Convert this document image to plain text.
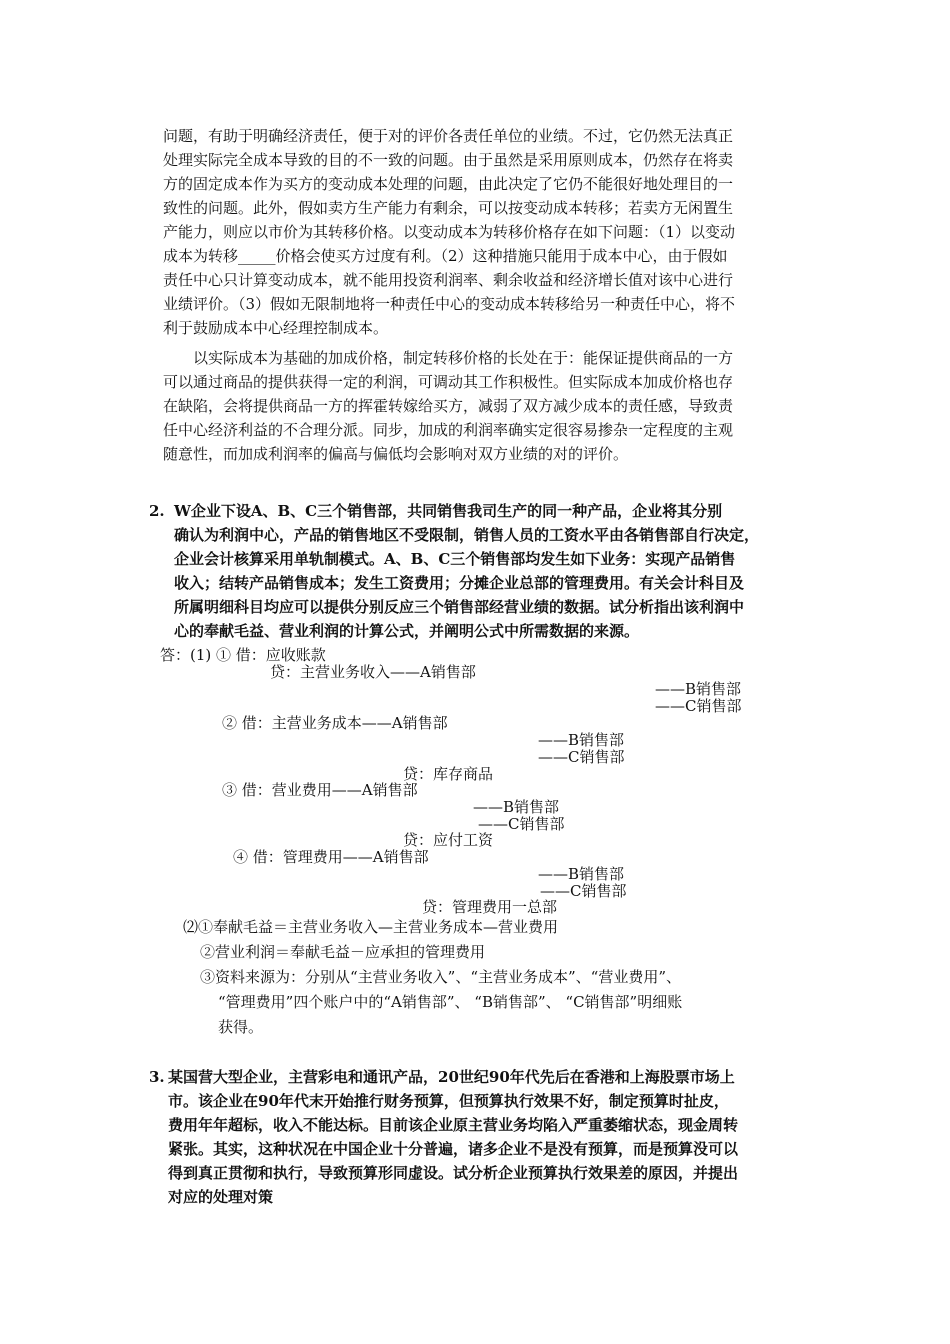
问题，有助于明确经济责任，便于对的评价各责任单位的业绩。不过，它仍然无法真正

处理实际完全成本导致的目的不一致的问题。由于虽然是采用原则成本，仍然存在将卖

方的固定成本作为买方的变动成本处理的问题，由此决定了它仍不能很好地处理目的一

致性的问题。此外，假如卖方生产能力有剩余，可以按变动成本转移；若卖方无闲置生

产能力，则应以市价为其转移价格。以变动成本为转移价格存在如下问题：（1）以变动

成本为转移_____价格会使买方过度有利。（2）这种措施只能用于成本中心，由于假如

责任中心只计算变动成本，就不能用投资利润率、剩余收益和经济增长值对该中心进行

业绩评价。（3）假如无限制地将一种责任中心的变动成本转移给另一种责任中心，将不

利于鼓励成本中心经理控制成本。

　　以实际成本为基础的加成价格，制定转移价格的长处在于：能保证提供商品的一方

可以通过商品的提供获得一定的利润，可调动其工作积极性。但实际成本加成价格也存

在缺陷，会将提供商品一方的挥霍转嫁给买方，减弱了双方减少成本的责任感，导致责

任中心经济利益的不合理分派。同步，加成的利润率确实定很容易掺杂一定程度的主观

随意性，而加成利润率的偏高与偏低均会影响对双方业绩的对的评价。

2. W企业下设A、B、C三个销售部，共同销售我司生产的同一种产品，企业将其分别

确认为利润中心，产品的销售地区不受限制，销售人员的工资水平由各销售部自行决定，

企业会计核算采用单轨制模式。A、B、C三个销售部均发生如下业务：实现产品销售

收入；结转产品销售成本；发生工资费用；分摊企业总部的管理费用。有关会计科目及

所属明细科目均应可以提供分别反应三个销售部经营业绩的数据。试分析指出该利润中

心的奉献毛益、营业利润的计算公式，并阐明公式中所需数据的来源。

答：(1) ① 借：应收账款
贷：主营业务收入——A销售部
——B销售部
——C销售部
② 借：主营业务成本——A销售部
——B销售部
——C销售部
贷：库存商品
③ 借：营业费用——A销售部
——B销售部
——C销售部
贷：应付工资
④ 借：管理费用——A销售部
——B销售部
——C销售部
贷：管理费用一总部
⑵①奉献毛益＝主营业务收入—主营业务成本—营业费用
②营业利润＝奉献毛益－应承担的管理费用
③资料来源为：分别从“主营业务收入”、“主营业务成本”、“营业费用”、
“管理费用”四个账户中的“A销售部”、 “B销售部”、 “C销售部”明细账
获得。
3. 某国营大型企业，主营彩电和通讯产品，20世纪90年代先后在香港和上海股票市场上

市。该企业在90年代末开始推行财务预算，但预算执行效果不好，制定预算时扯皮，

费用年年超标，收入不能达标。目前该企业原主营业务均陷入严重萎缩状态，现金周转

紧张。其实，这种状况在中国企业十分普遍，诸多企业不是没有预算，而是预算没可以

得到真正贯彻和执行，导致预算形同虚设。试分析企业预算执行效果差的原因，并提出

对应的处理对策
